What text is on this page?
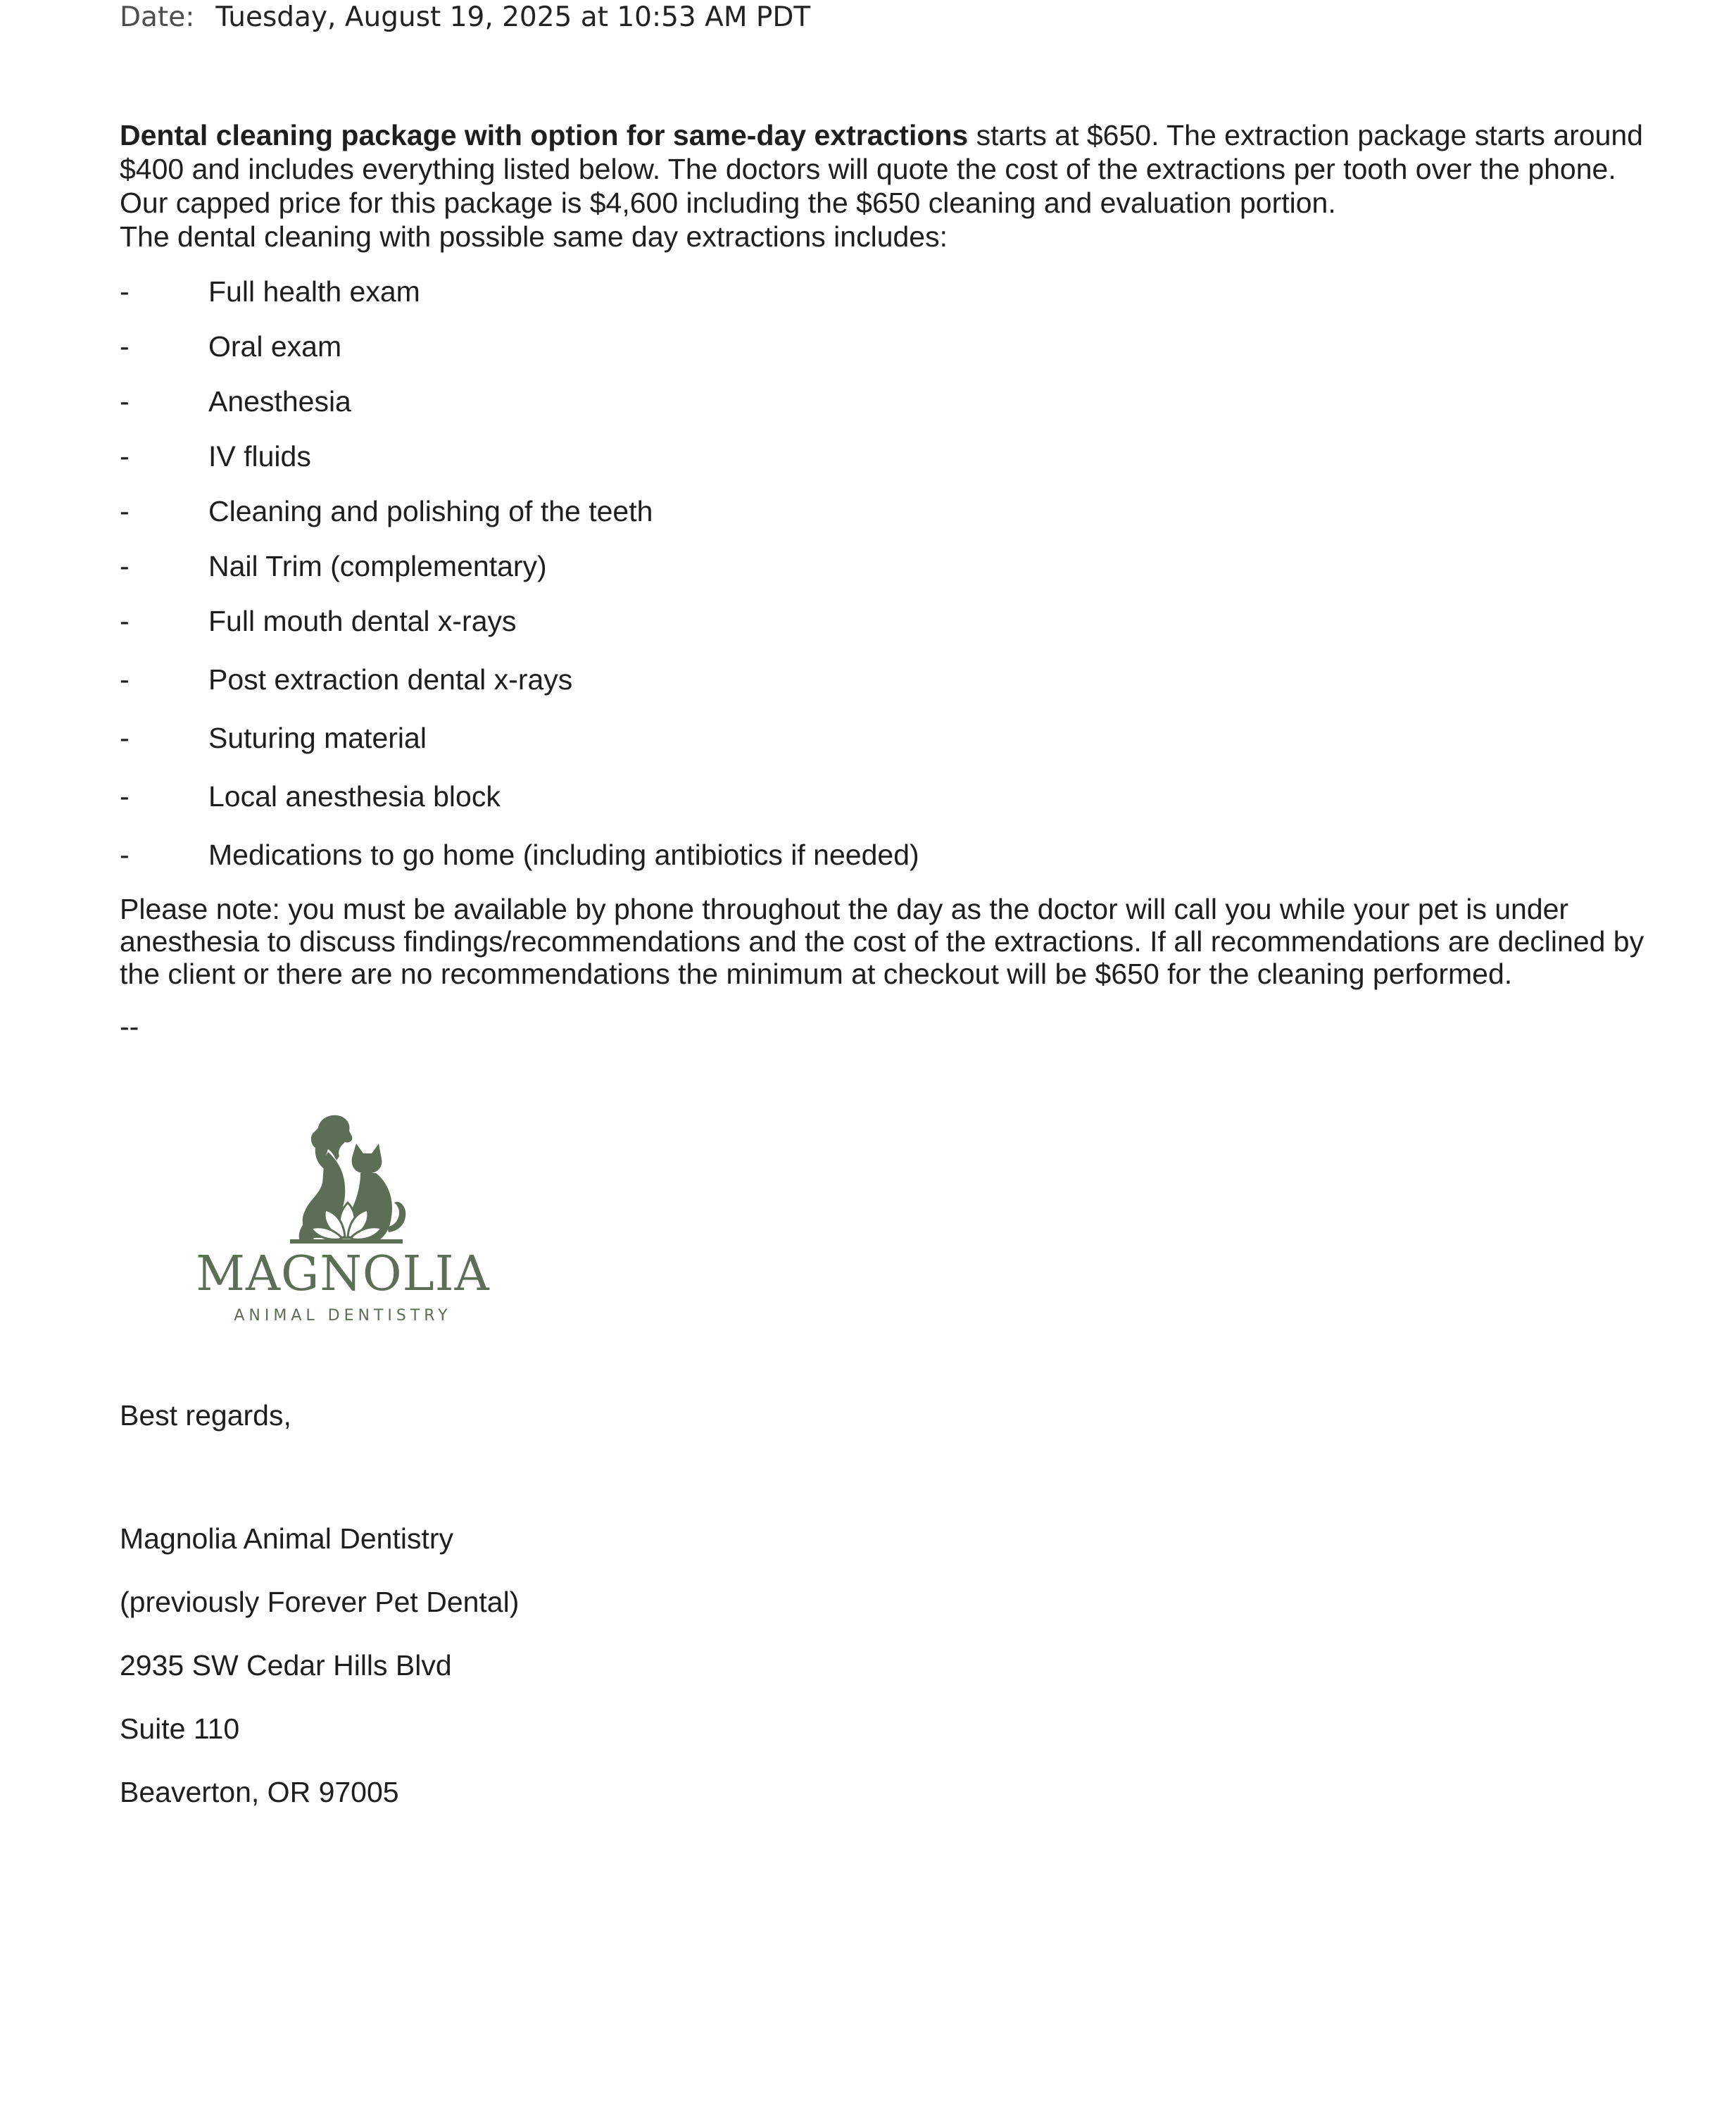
Date: Tuesday, August 19, 2025 at 10:53 AM PDT
Dental cleaning package with option for same-day extractions starts at $650. The extraction package starts around $400 and includes everything listed below. The doctors will quote the cost of the extractions per tooth over the phone. Our capped price for this package is $4,600 including the $650 cleaning and evaluation portion.
The dental cleaning with possible same day extractions includes:
-	Full health exam
-	Oral exam
-	Anesthesia
-	IV fluids
-	Cleaning and polishing of the teeth
-	Nail Trim (complementary)
-	Full mouth dental x-rays
-	Post extraction dental x-rays
-	Suturing material
-	Local anesthesia block
-	Medications to go home (including antibiotics if needed)
Please note: you must be available by phone throughout the day as the doctor will call you while your pet is under anesthesia to discuss findings/recommendations and the cost of the extractions. If all recommendations are declined by the client or there are no recommendations the minimum at checkout will be $650 for the cleaning performed.
--
MAGNOLIA
ANIMAL DENTISTRY
Best regards,
Magnolia Animal Dentistry
(previously Forever Pet Dental)
2935 SW Cedar Hills Blvd
Suite 110
Beaverton, OR 97005
